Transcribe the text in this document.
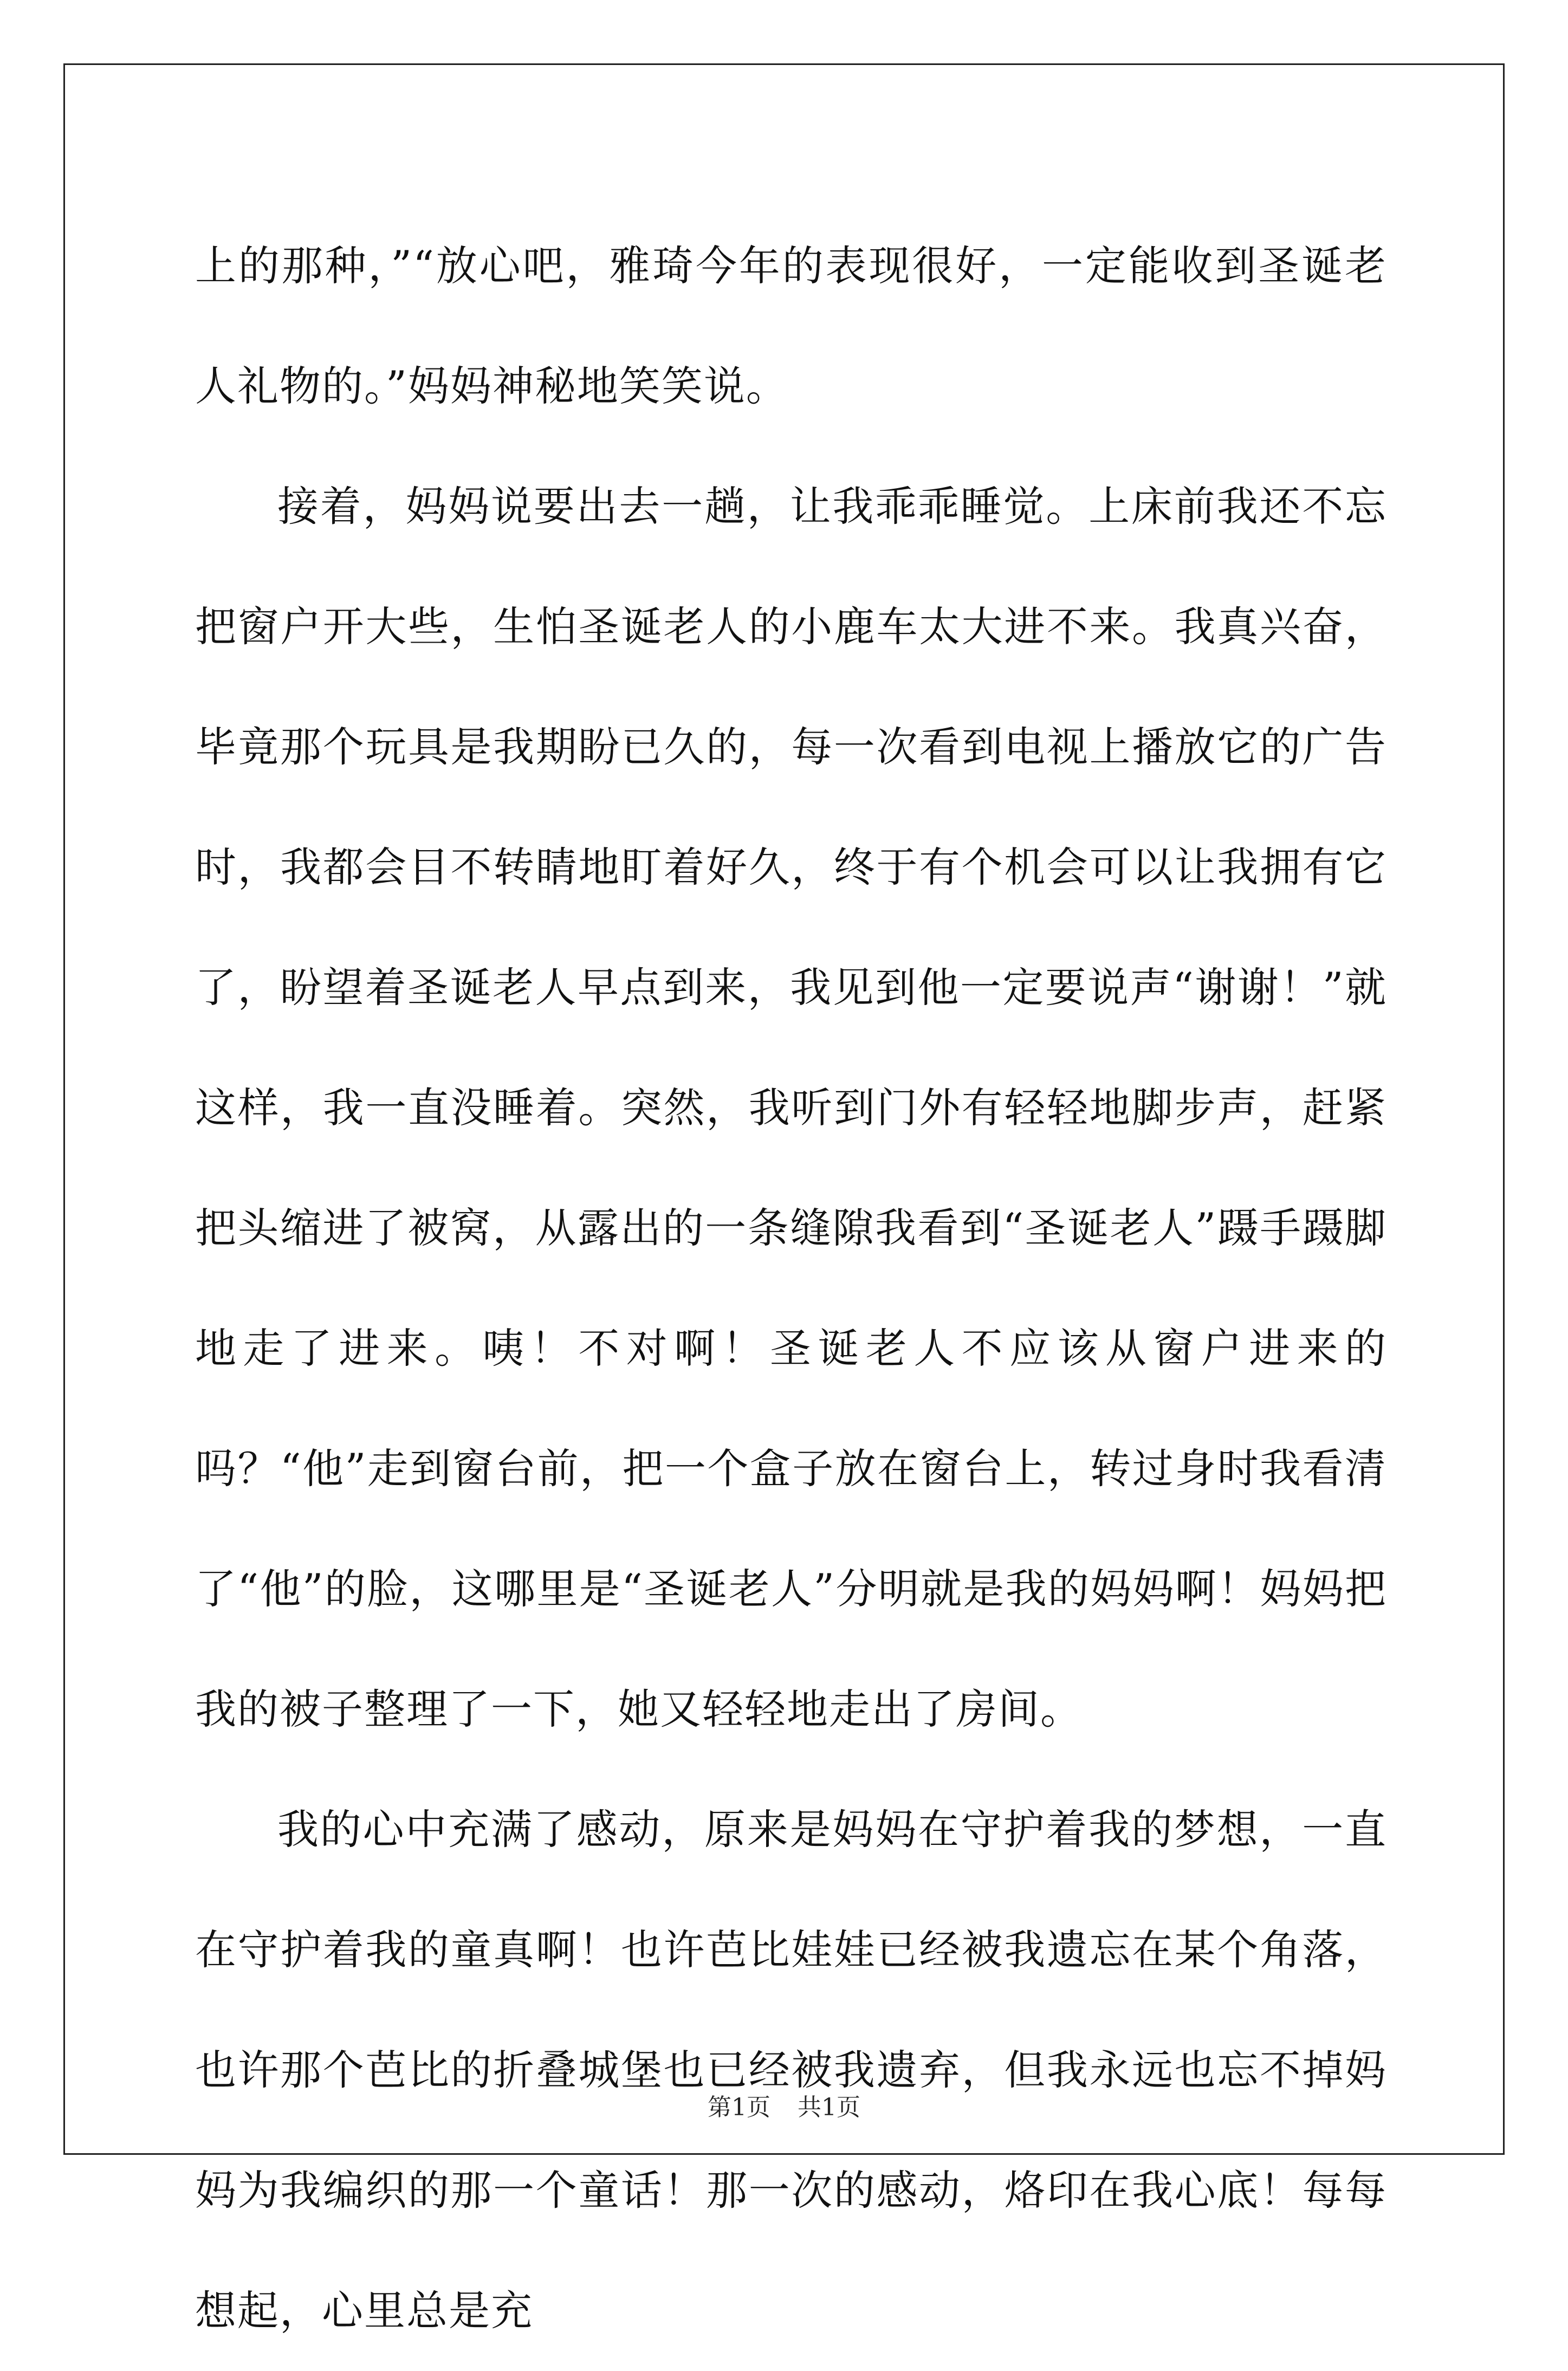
上的那种，”“放心吧，雅琦今年的表现很好，一定能收到圣诞老人礼物的。”妈妈神秘地笑笑说。

接着，妈妈说要出去一趟，让我乖乖睡觉。上床前我还不忘把窗户开大些，生怕圣诞老人的小鹿车太大进不来。我真兴奋，毕竟那个玩具是我期盼已久的，每一次看到电视上播放它的广告时，我都会目不转睛地盯着好久，终于有个机会可以让我拥有它了，盼望着圣诞老人早点到来，我见到他一定要说声“谢谢！”就这样，我一直没睡着。突然，我听到门外有轻轻地脚步声，赶紧把头缩进了被窝，从露出的一条缝隙我看到“圣诞老人”蹑手蹑脚地走了进来。咦！不对啊！圣诞老人不应该从窗户进来的吗？“他”走到窗台前，把一个盒子放在窗台上，转过身时我看清了“他”的脸，这哪里是“圣诞老人”分明就是我的妈妈啊！妈妈把我的被子整理了一下，她又轻轻地走出了房间。

我的心中充满了感动，原来是妈妈在守护着我的梦想，一直在守护着我的童真啊！也许芭比娃娃已经被我遗忘在某个角落，也许那个芭比的折叠城堡也已经被我遗弃，但我永远也忘不掉妈妈为我编织的那一个童话！那一次的感动，烙印在我心底！每每想起，心里总是充

第1页 共1页
